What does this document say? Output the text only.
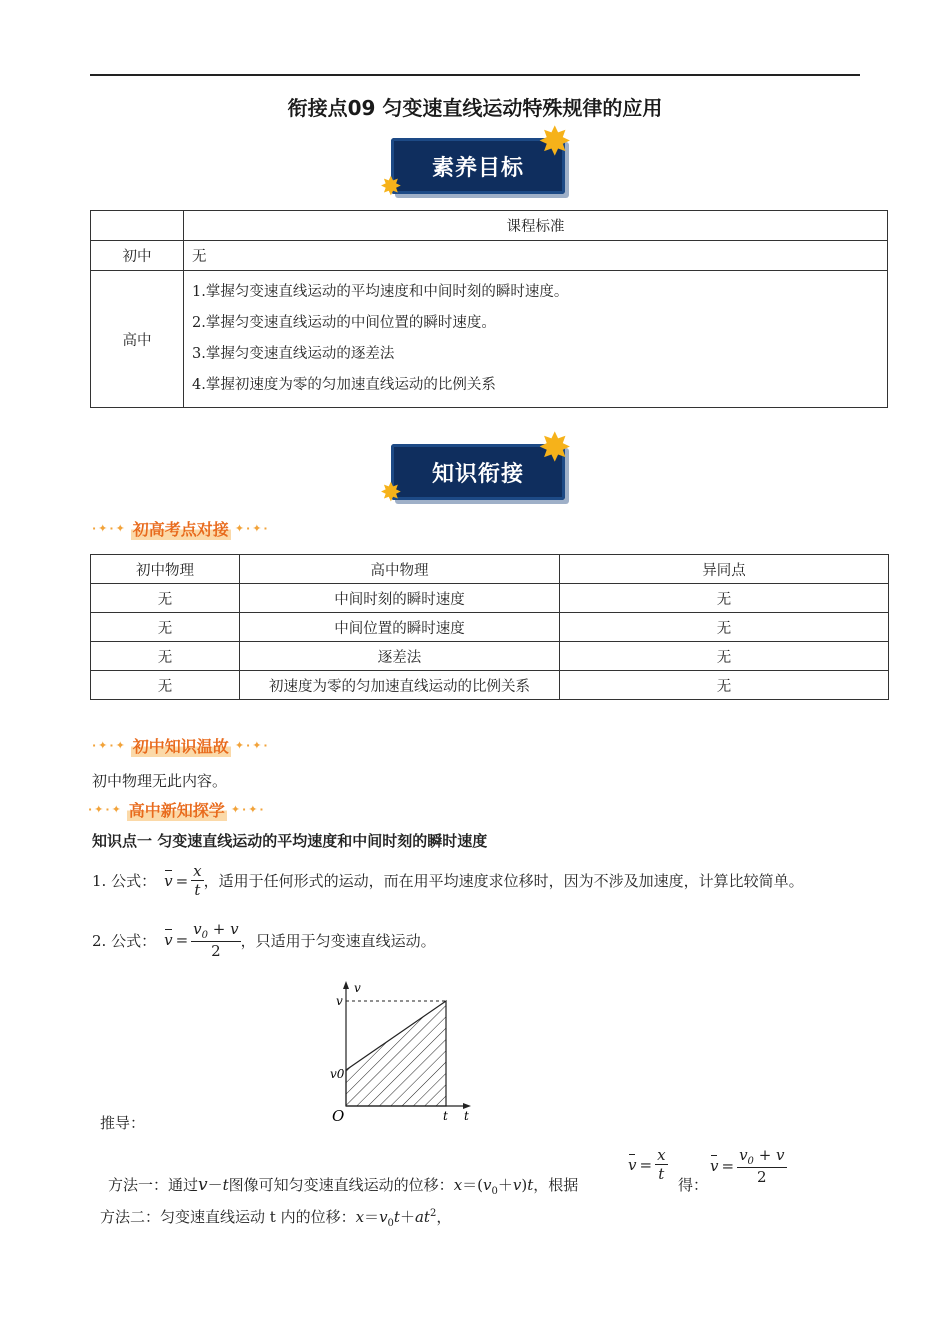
衔接点09 匀变速直线运动特殊规律的应用
素养目标
✸
✸
	课程标准
初中	无
高中	1.掌握匀变速直线运动的平均速度和中间时刻的瞬时速度。
2.掌握匀变速直线运动的中间位置的瞬时速度。
3.掌握匀变速直线运动的逐差法
4.掌握初速度为零的匀加速直线运动的比例关系
知识衔接
✸
✸
·✦·✦ 初高考点对接 ✦·✦·
初中物理	高中物理	异同点
无	中间时刻的瞬时速度	无
无	中间位置的瞬时速度	无
无	逐差法	无
无	初速度为零的匀加速直线运动的比例关系	无
·✦·✦ 初中知识温故 ✦·✦·
初中物理无此内容。
·✦·✦ 高中新知探学 ✦·✦·
知识点一 匀变速直线运动的平均速度和中间时刻的瞬时速度
1. 公式： $v = \frac{x}{t}$ ，适用于任何形式的运动，而在用平均速度求位移时，因为不涉及加速度，计算比较简单。
2. 公式： $v = \frac{v_0 + v}{2}$ ，只适用于匀变速直线运动。
v
v
v0
O	t t
推导：
方法一：通过v－t图像可知匀变速直线运动的位移：$x=(v_0+v)t$，根据
$v = \frac{x}{t}$
得：
$v = \frac{v_0 + v}{2}$
方法二：匀变速直线运动 t 内的位移：$x=v_0t+at^2$，
